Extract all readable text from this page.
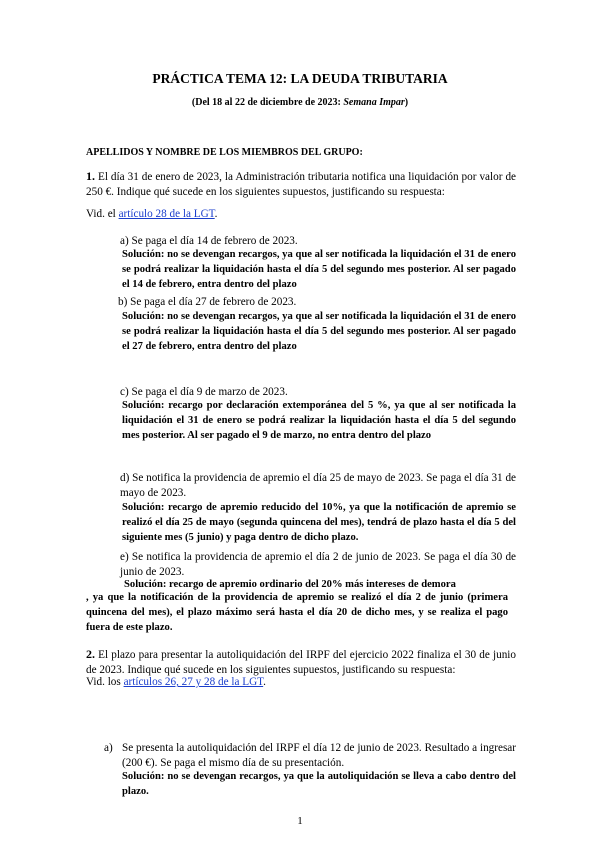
PRÁCTICA TEMA 12: LA DEUDA TRIBUTARIA
(Del 18 al 22 de diciembre de 2023: Semana Impar)
APELLIDOS Y NOMBRE DE LOS MIEMBROS DEL GRUPO:
1. El día 31 de enero de 2023, la Administración tributaria notifica una liquidación por valor de 250 €. Indique qué sucede en los siguientes supuestos, justificando su respuesta:
Vid. el artículo 28 de la LGT.
a) Se paga el día 14 de febrero de 2023.
Solución: no se devengan recargos, ya que al ser notificada la liquidación el 31 de enero se podrá realizar la liquidación hasta el día 5 del segundo mes posterior. Al ser pagado el 14 de febrero, entra dentro del plazo
b) Se paga el día 27 de febrero de 2023.
Solución: no se devengan recargos, ya que al ser notificada la liquidación el 31 de enero se podrá realizar la liquidación hasta el día 5 del segundo mes posterior. Al ser pagado el 27 de febrero, entra dentro del plazo
c) Se paga el día 9 de marzo de 2023.
Solución: recargo por declaración extemporánea del 5 %, ya que al ser notificada la liquidación el 31 de enero se podrá realizar la liquidación hasta el día 5 del segundo mes posterior. Al ser pagado el 9 de marzo, no entra dentro del plazo
d) Se notifica la providencia de apremio el día 25 de mayo de 2023. Se paga el día 31 de mayo de 2023.
Solución: recargo de apremio reducido del 10%, ya que la notificación de apremio se realizó el día 25 de mayo (segunda quincena del mes), tendrá de plazo hasta el día 5 del siguiente mes (5 junio) y paga dentro de dicho plazo.
e) Se notifica la providencia de apremio el día 2 de junio de 2023. Se paga el día 30 de junio de 2023.
Solución: recargo de apremio ordinario del 20% más intereses de demora
, ya que la notificación de la providencia de apremio se realizó el día 2 de junio (primera quincena del mes), el plazo máximo será hasta el día 20 de dicho mes, y se realiza el pago fuera de este plazo.
2. El plazo para presentar la autoliquidación del IRPF del ejercicio 2022 finaliza el 30 de junio de 2023. Indique qué sucede en los siguientes supuestos, justificando su respuesta:
Vid. los artículos 26, 27 y 28 de la LGT.
a) Se presenta la autoliquidación del IRPF el día 12 de junio de 2023. Resultado a ingresar (200 €). Se paga el mismo día de su presentación.
Solución: no se devengan recargos, ya que la autoliquidación se lleva a cabo dentro del plazo.
1
